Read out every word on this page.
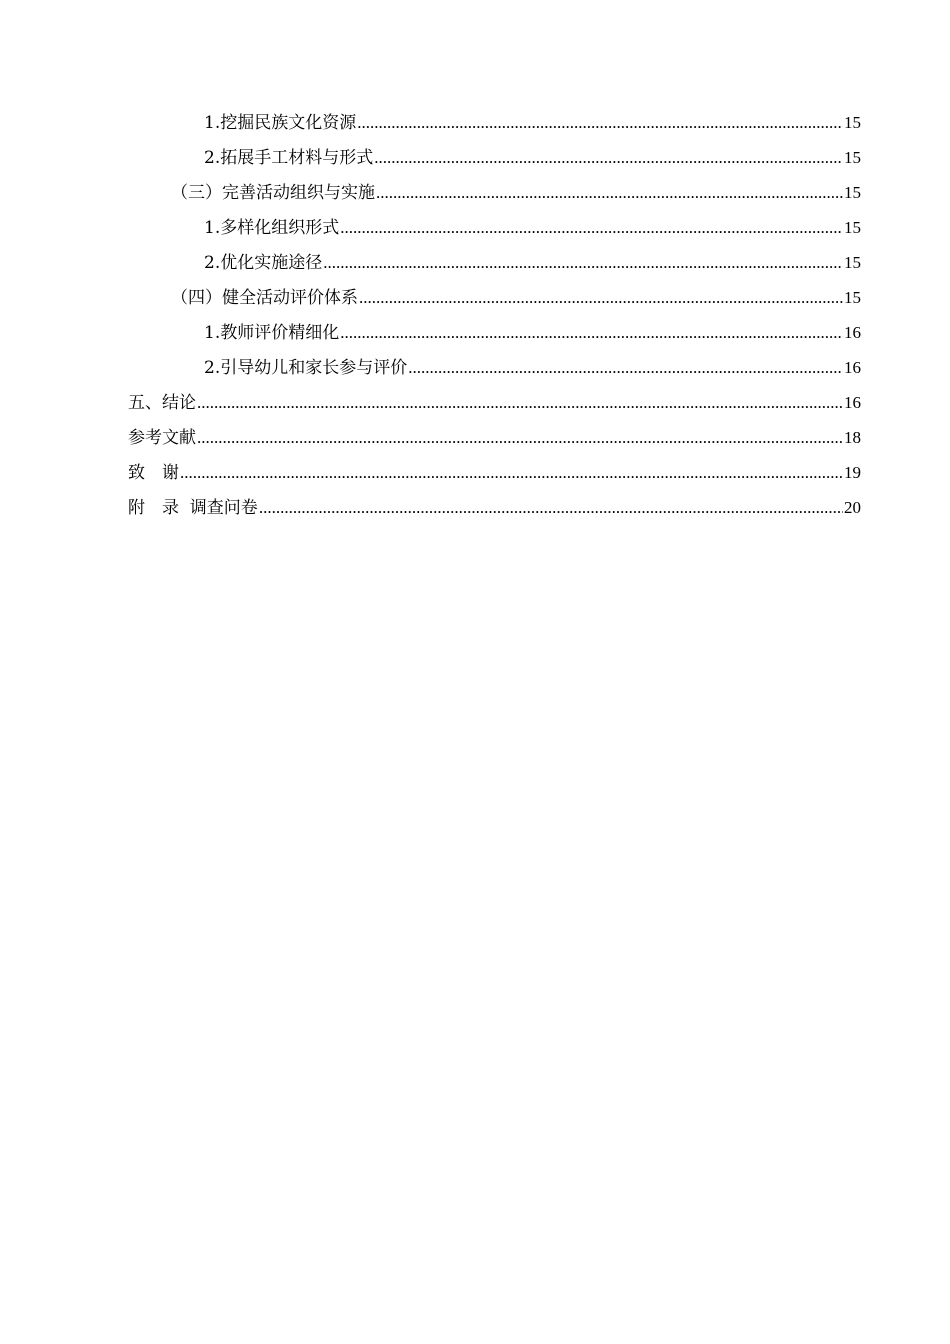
1.挖掘民族文化资源 .....	15
2.拓展手工材料与形式 .....	15
（三）完善活动组织与实施 .....	15
1.多样化组织形式 .....	15
2.优化实施途径 .....	15
（四）健全活动评价体系 .....	15
1.教师评价精细化 .....	16
2.引导幼儿和家长参与评价 .....	16
五、结论 .....	16
参考文献 .....	18
致　谢 .....	19
附　录  调查问卷 .....	20
